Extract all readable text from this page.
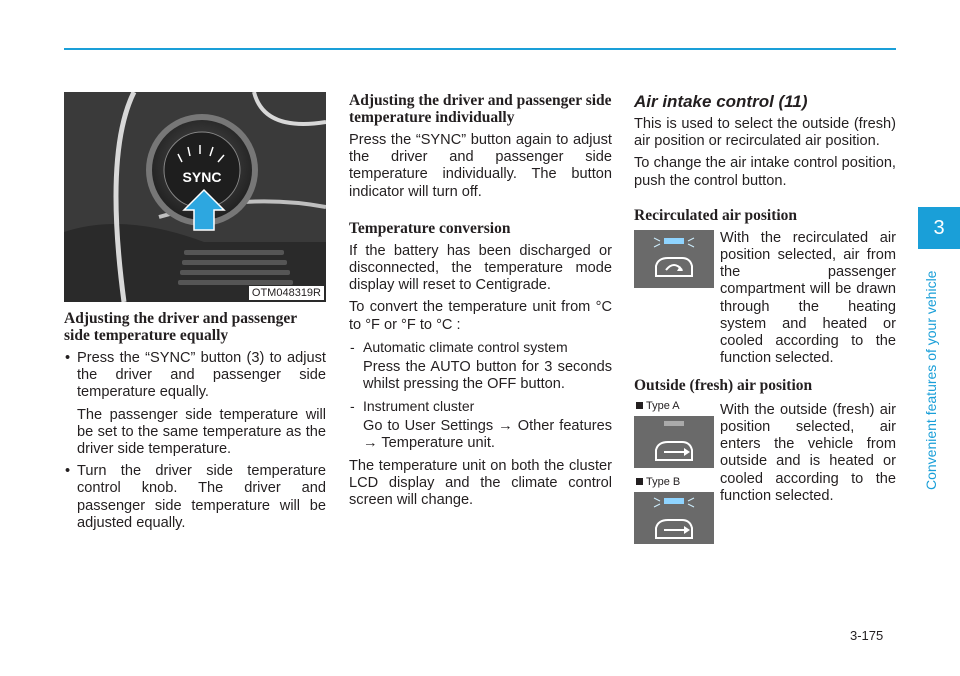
SYNC
OTM048319R
Adjusting the driver and passenger side temperature equally
• Press the “SYNC” button (3) to adjust the driver and passenger side temperature equally.

The passenger side temperature will be set to the same temperature as the driver side temperature.

• Turn the driver side temperature control knob. The driver and passenger side temperature will be adjusted equally.

Adjusting the driver and passenger side temperature individually

Press the “SYNC” button again to adjust the driver and passenger side temperature individually. The button indicator will turn off.

Temperature conversion

If the battery has been discharged or disconnected, the temperature mode display will reset to Centigrade.

To convert the temperature unit from °C to °F or °F to °C :

- Automatic climate control system

Press the AUTO button for 3 seconds whilst pressing the OFF button.

- Instrument cluster

Go to User Settings → Other features → Temperature unit.

The temperature unit on both the cluster LCD display and the climate control screen will change.

Air intake control (11)

This is used to select the outside (fresh) air position or recirculated air position.

To change the air intake control position, push the control button.

Recirculated air position

With the recirculated air position selected, air from the passenger compartment will be drawn through the heating system and heated or cooled according to the function selected.

Outside (fresh) air position
Type A
Type B

With the outside (fresh) air position selected, air enters the vehicle from outside and is heated or cooled according to the function selected.

3
Convenient features of your vehicle
3-175
